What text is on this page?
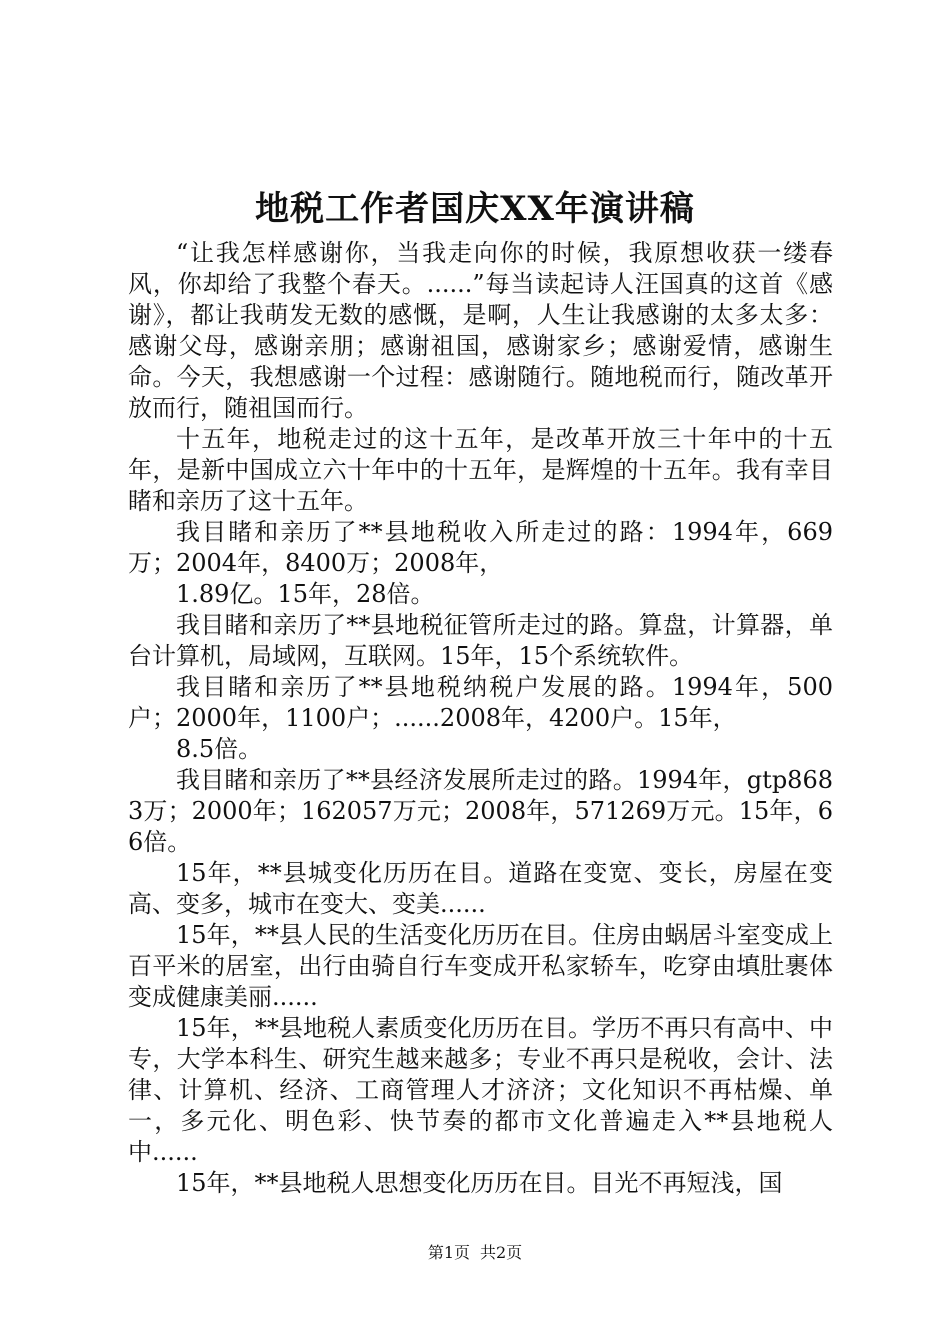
地税工作者国庆XX年演讲稿

“让我怎样感谢你，当我走向你的时候，我原想收获一缕春风，你却给了我整个春天。......”每当读起诗人汪国真的这首《感谢》，都让我萌发无数的感慨，是啊，人生让我感谢的太多太多：感谢父母，感谢亲朋；感谢祖国，感谢家乡；感谢爱情，感谢生命。今天，我想感谢一个过程：感谢随行。随地税而行，随改革开放而行，随祖国而行。

十五年，地税走过的这十五年，是改革开放三十年中的十五年，是新中国成立六十年中的十五年，是辉煌的十五年。我有幸目睹和亲历了这十五年。

我目睹和亲历了**县地税收入所走过的路：1994年，669万；2004年，8400万；2008年，

1.89亿。15年，28倍。

我目睹和亲历了**县地税征管所走过的路。算盘，计算器，单台计算机，局域网，互联网。15年，15个系统软件。

我目睹和亲历了**县地税纳税户发展的路。1994年，500户；2000年，1100户；......2008年，4200户。15年，

8.5倍。

我目睹和亲历了**县经济发展所走过的路。1994年，gtp8683万；2000年；162057万元；2008年，571269万元。15年，66倍。

15年，**县城变化历历在目。道路在变宽、变长，房屋在变高、变多，城市在变大、变美......

15年，**县人民的生活变化历历在目。住房由蜗居斗室变成上百平米的居室，出行由骑自行车变成开私家轿车，吃穿由填肚裹体变成健康美丽......

15年，**县地税人素质变化历历在目。学历不再只有高中、中专，大学本科生、研究生越来越多；专业不再只是税收，会计、法律、计算机、经济、工商管理人才济济；文化知识不再枯燥、单一，多元化、明色彩、快节奏的都市文化普遍走入**县地税人中......

15年，**县地税人思想变化历历在目。目光不再短浅，国

第1页 共2页
